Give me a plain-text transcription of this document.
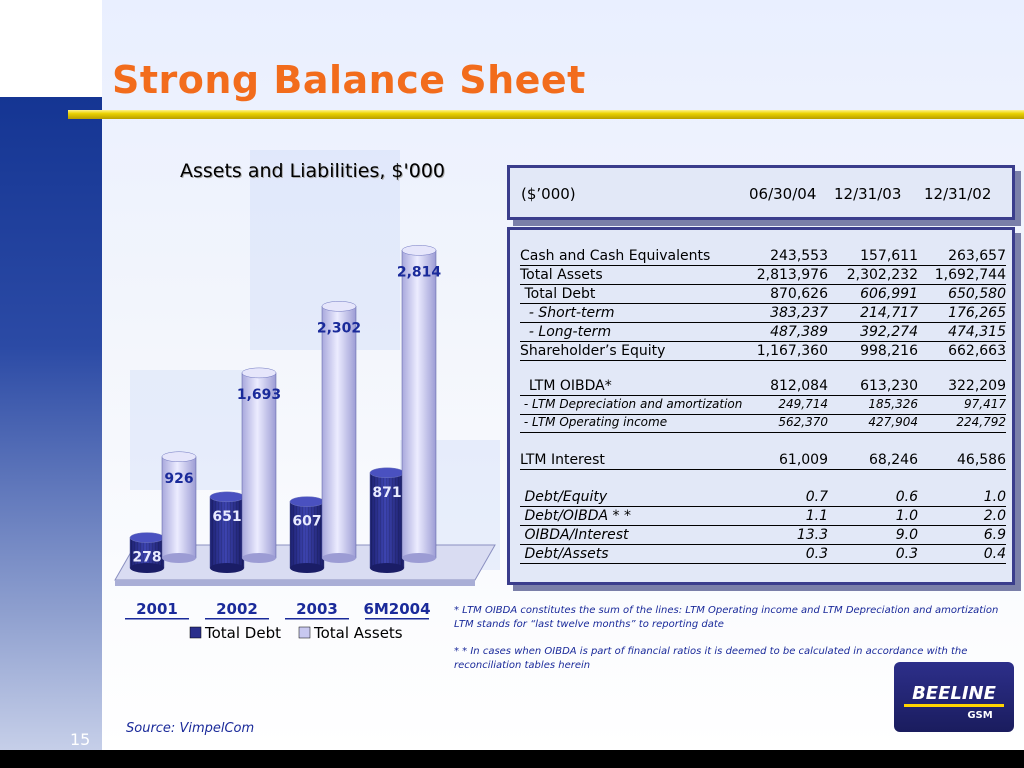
Strong Balance Sheet
Assets and Liabilities, $'000
278
926
2001
651
1,693
2002
607
2,302
2003
871
2,814
6M2004
Total Debt Total Assets
($’000)	06/30/04 12/31/03 12/31/02
Cash and Cash Equivalents	243,553 157,611 263,657
Total Assets	2,813,976 2,302,232 1,692,744
Total Debt	870,626 606,991 650,580
- Short-term	383,237 214,717 176,265
- Long-term	487,389 392,274 474,315
Shareholder’s Equity	1,167,360 998,216 662,663
LTM OIBDA*	812,084 613,230 322,209
- LTM Depreciation and amortization	249,714	185,326	97,417
- LTM Operating income	562,370	427,904	224,792
LTM Interest	61,009	68,246	46,586
Debt/Equity	0.7	0.6	1.0
Debt/OIBDA * *	1.1	1.0	2.0
OIBDA/Interest	13.3	9.0	6.9
Debt/Assets	0.3	0.3	0.4
* LTM OIBDA constitutes the sum of the lines: LTM Operating income and LTM Depreciation and amortization LTM stands for “last twelve months” to reporting date
* * In cases when OIBDA is part of financial ratios it is deemed to be calculated in accordance with the reconciliation tables herein
BEELINE
GSM
Source: VimpelCom
15
